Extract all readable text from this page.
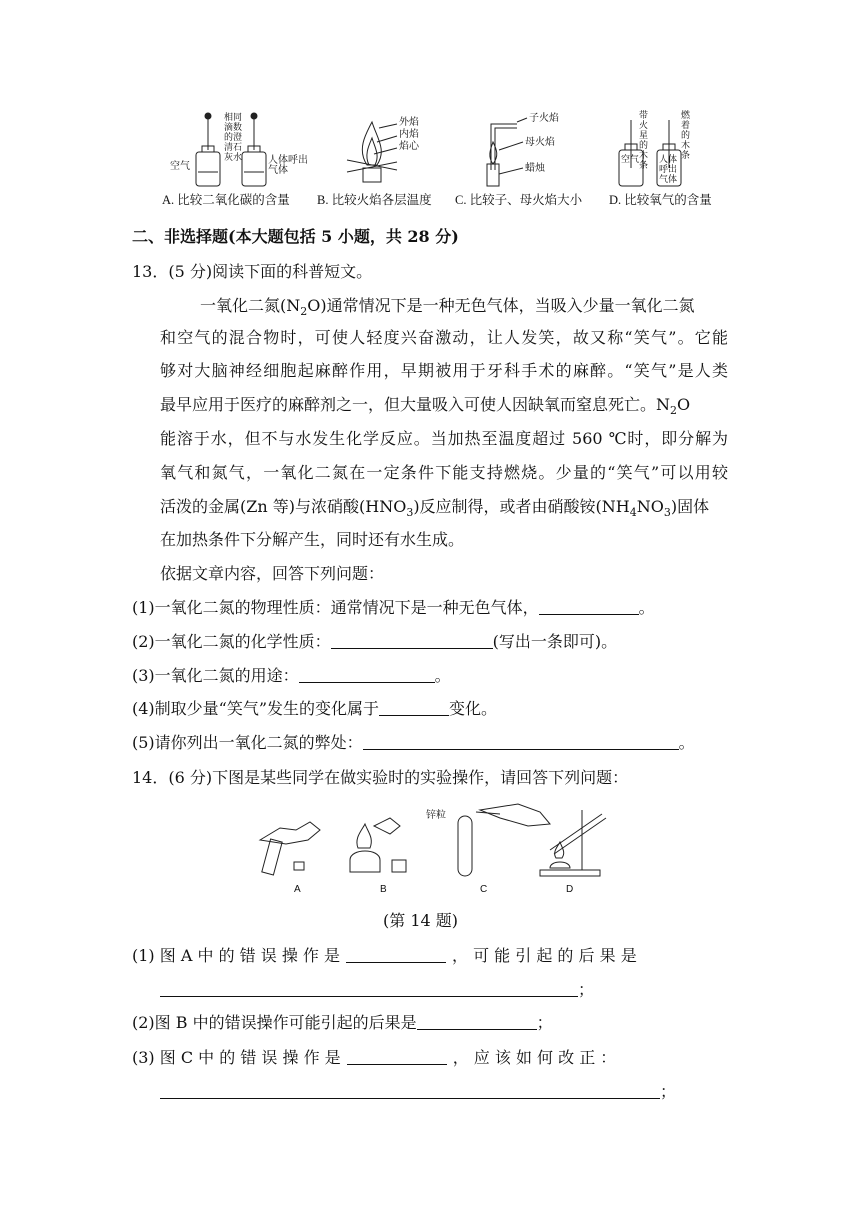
相同滴数的澄清石灰水
空气
人体呼出气体
A. 比较二氧化碳的含量
外焰
内焰
焰心
B. 比较火焰各层温度
子火焰
母火焰
蜡烛
C. 比较子、母火焰大小
带火星的木条
燃着的木条
空气 人体呼出气体
D. 比较氧气的含量
二、非选择题(本大题包括 5 小题，共 28 分)
13．(5 分)阅读下面的科普短文。
一氧化二氮$(N_2O)$通常情况下是一种无色气体，当吸入少量一氧化二氮
和空气的混合物时，可使人轻度兴奋激动，让人发笑，故又称“笑气”。它能
够对大脑神经细胞起麻醉作用，早期被用于牙科手术的麻醉。“笑气”是人类
最早应用于医疗的麻醉剂之一，但大量吸入可使人因缺氧而窒息死亡。$N_2O$
能溶于水，但不与水发生化学反应。当加热至温度超过 560 ℃时，即分解为
氧气和氮气，一氧化二氮在一定条件下能支持燃烧。少量的“笑气”可以用较
活泼的金属(Zn 等)与浓硝酸$(HNO_3)$反应制得，或者由硝酸铵$(NH_4NO_3)$固体
在加热条件下分解产生，同时还有水生成。
依据文章内容，回答下列问题：
(1)一氧化二氮的物理性质：通常情况下是一种无色气体，	。
(2)一氧化二氮的化学性质：	(写出一条即可)。
(3)一氧化二氮的用途：	。
(4)制取少量“笑气”发生的变化属于	变化。
(5)请你列出一氧化二氮的弊处：	。
14．(6 分)下图是某些同学在做实验时的实验操作，请回答下列问题：
A	B	C	D
锌粒
(第 14 题)
(1) 图 A 中 的 错 误 操 作 是	， 可 能 引 起 的 后 果 是
；
(2)图 B 中的错误操作可能引起的后果是	；
(3) 图 C 中 的 错 误 操 作 是	， 应 该 如 何 改 正 ：
；
